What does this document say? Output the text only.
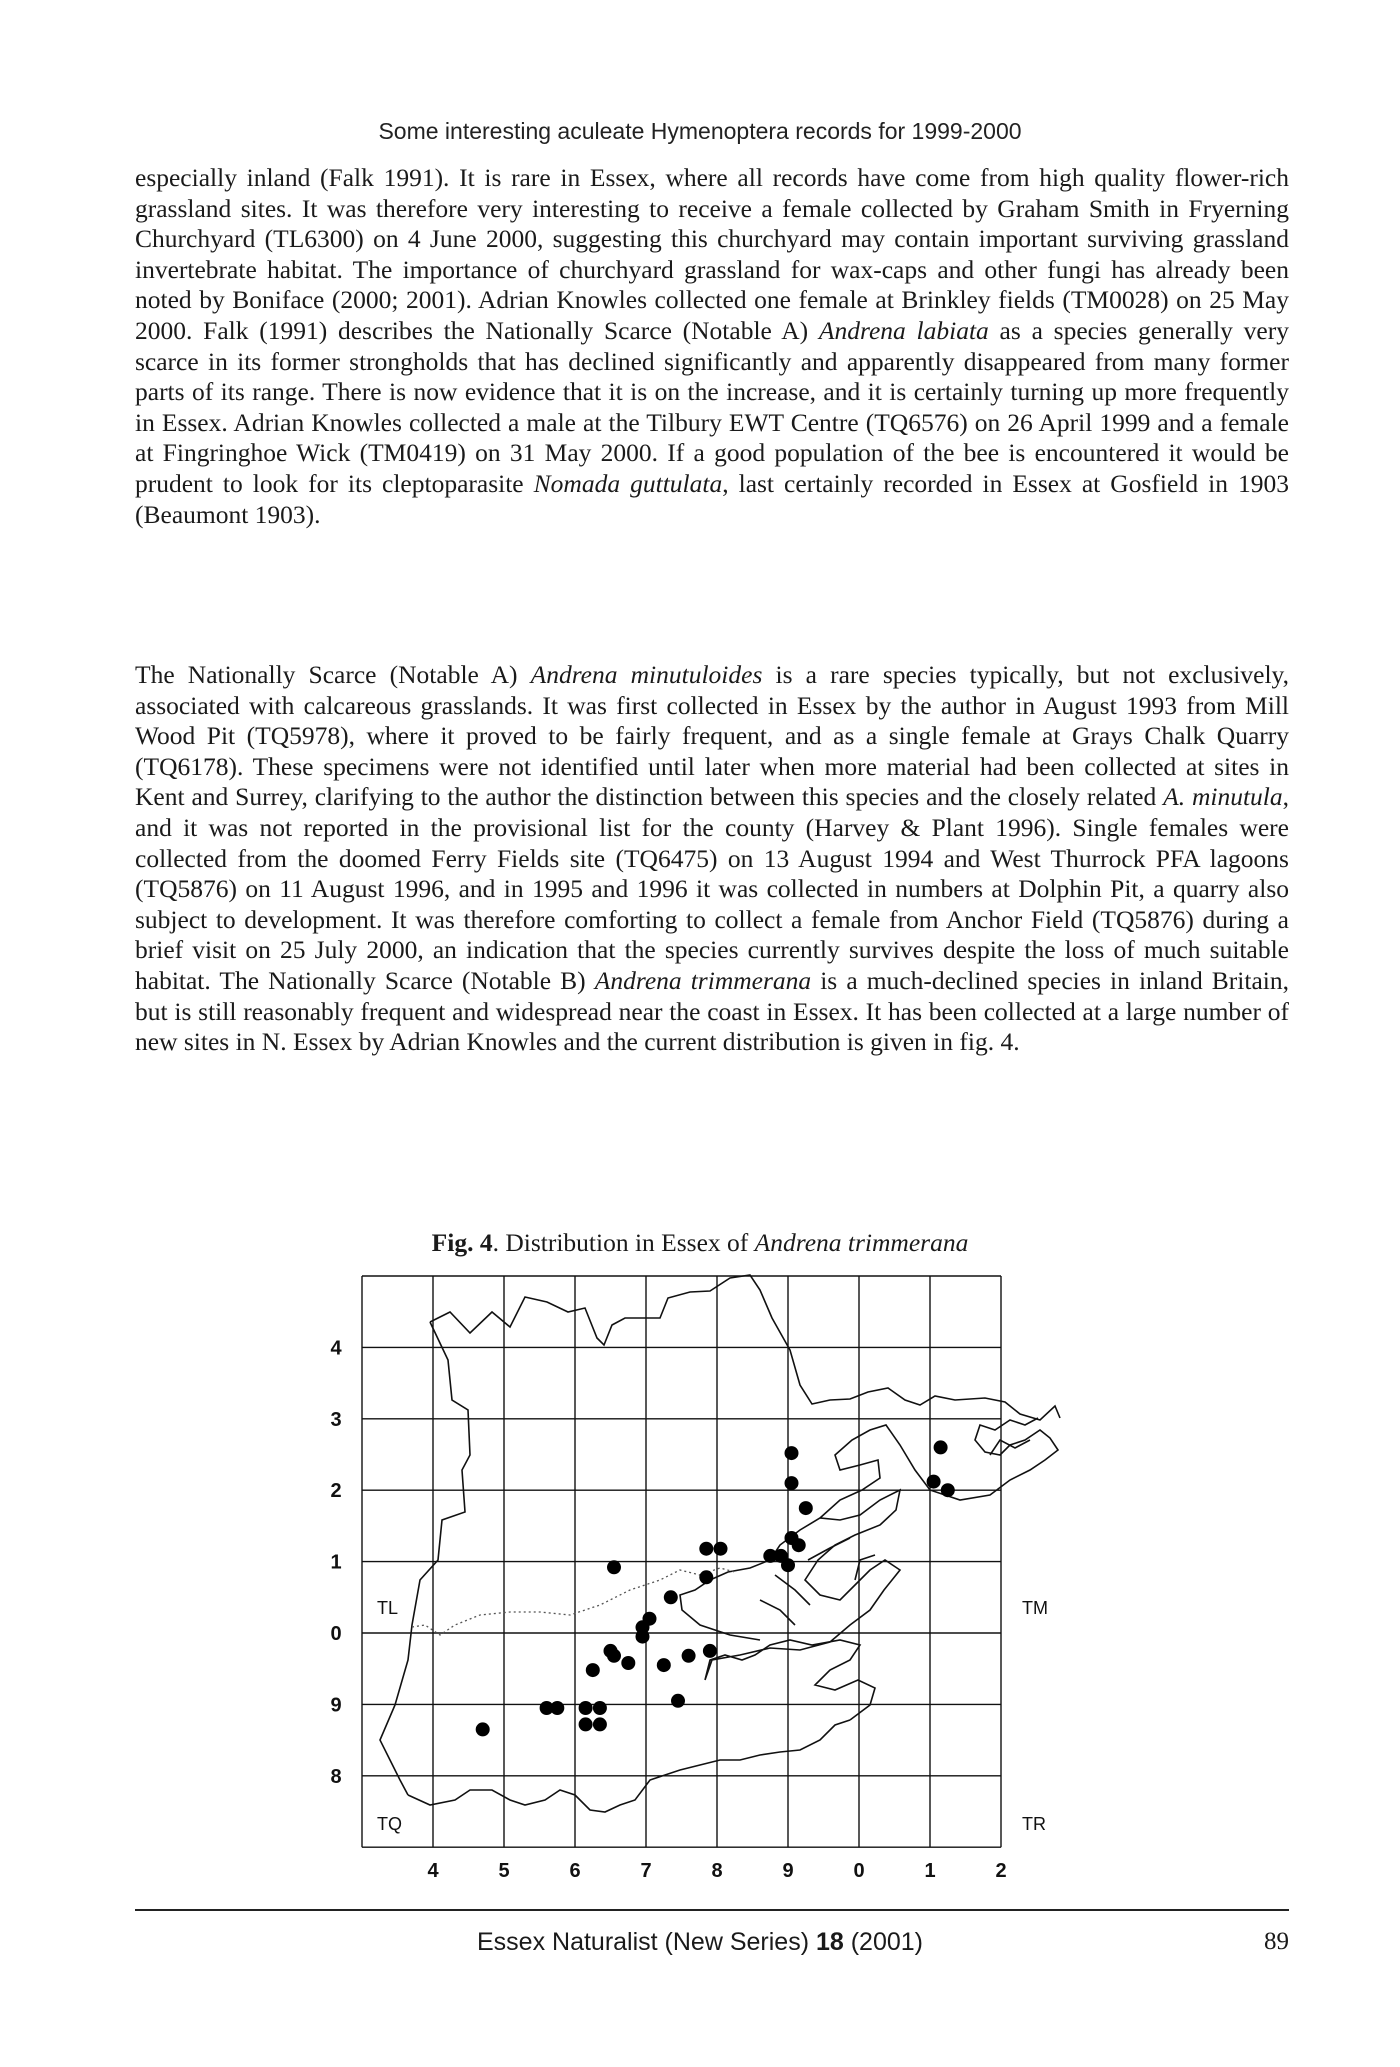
Some interesting aculeate Hymenoptera records for 1999-2000

especially inland (Falk 1991). It is rare in Essex, where all records have come from high quality flower-rich grassland sites. It was therefore very interesting to receive a female collected by Graham Smith in Fryerning Churchyard (TL6300) on 4 June 2000, suggesting this churchyard may contain important surviving grassland invertebrate habitat. The importance of churchyard grassland for wax-caps and other fungi has already been noted by Boniface (2000; 2001). Adrian Knowles collected one female at Brinkley fields (TM0028) on 25 May 2000. Falk (1991) describes the Nationally Scarce (Notable A) Andrena labiata as a species generally very scarce in its former strongholds that has declined significantly and apparently disappeared from many former parts of its range. There is now evidence that it is on the increase, and it is certainly turning up more frequently in Essex. Adrian Knowles collected a male at the Tilbury EWT Centre (TQ6576) on 26 April 1999 and a female at Fingringhoe Wick (TM0419) on 31 May 2000. If a good population of the bee is encountered it would be prudent to look for its cleptoparasite Nomada guttulata, last certainly recorded in Essex at Gosfield in 1903 (Beaumont 1903).

The Nationally Scarce (Notable A) Andrena minutuloides is a rare species typically, but not exclusively, associated with calcareous grasslands. It was first collected in Essex by the author in August 1993 from Mill Wood Pit (TQ5978), where it proved to be fairly frequent, and as a single female at Grays Chalk Quarry (TQ6178). These specimens were not identified until later when more material had been collected at sites in Kent and Surrey, clarifying to the author the distinction between this species and the closely related A. minutula, and it was not reported in the provisional list for the county (Harvey & Plant 1996). Single females were collected from the doomed Ferry Fields site (TQ6475) on 13 August 1994 and West Thurrock PFA lagoons (TQ5876) on 11 August 1996, and in 1995 and 1996 it was collected in numbers at Dolphin Pit, a quarry also subject to development. It was therefore comforting to collect a female from Anchor Field (TQ5876) during a brief visit on 25 July 2000, an indication that the species currently survives despite the loss of much suitable habitat. The Nationally Scarce (Notable B) Andrena trimmerana is a much-declined species in inland Britain, but is still reasonably frequent and widespread near the coast in Essex. It has been collected at a large number of new sites in N. Essex by Adrian Knowles and the current distribution is given in fig. 4.

Fig. 4. Distribution in Essex of Andrena trimmerana
TL	TM
TQ	TR
4
3
2
1
0
9
8
4	5	6	7	8	9	0	1	2
Essex Naturalist (New Series) 18 (2001)	89
